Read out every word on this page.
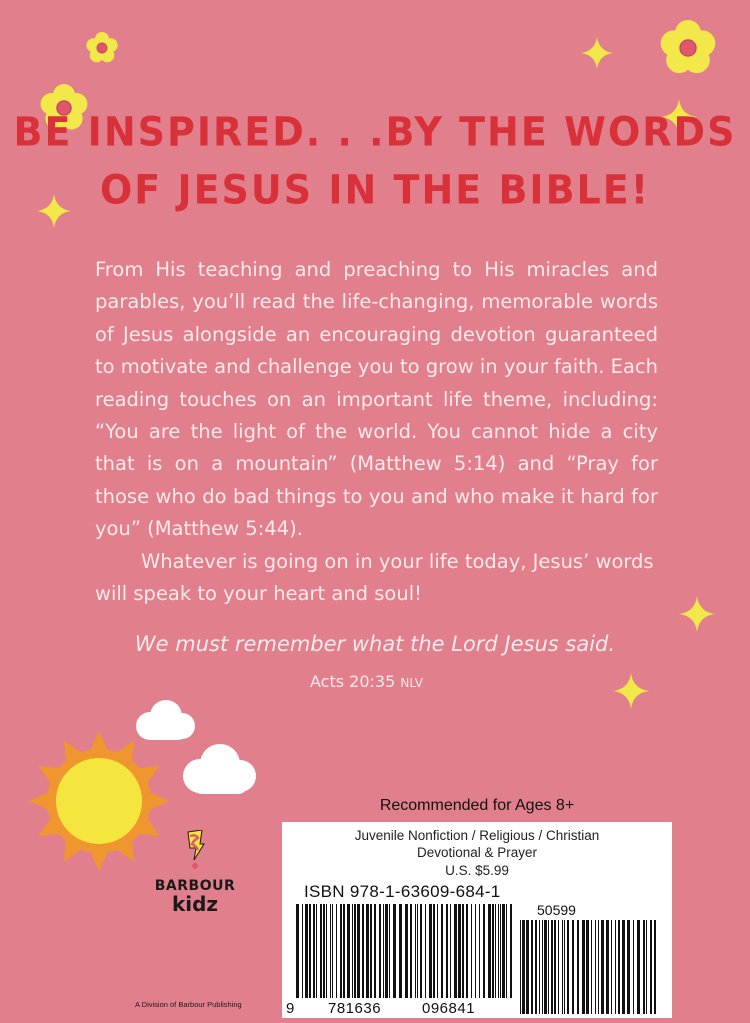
BE INSPIRED. . .BY THE WORDS
OF JESUS IN THE BIBLE!

From His teaching and preaching to His miracles and parables, you’ll read the life-changing, memorable words of Jesus alongside an encouraging devotion guaranteed to motivate and challenge you to grow in your faith. Each reading touches on an important life theme, including: “You are the light of the world. You cannot hide a city that is on a mountain” (Matthew 5:14) and “Pray for those who do bad things to you and who make it hard for you” (Matthew 5:44).

Whatever is going on in your life today, Jesus’ words will speak to your heart and soul!

We must remember what the Lord Jesus said.
Acts 20:35 NLV
BARBOUR
kidz
A Division of Barbour Publishing
Recommended for Ages 8+
Juvenile Nonfiction / Religious / Christian
Devotional & Prayer
U.S. $5.99
ISBN 978-1-63609-684-1
50599
9 781636	096841
